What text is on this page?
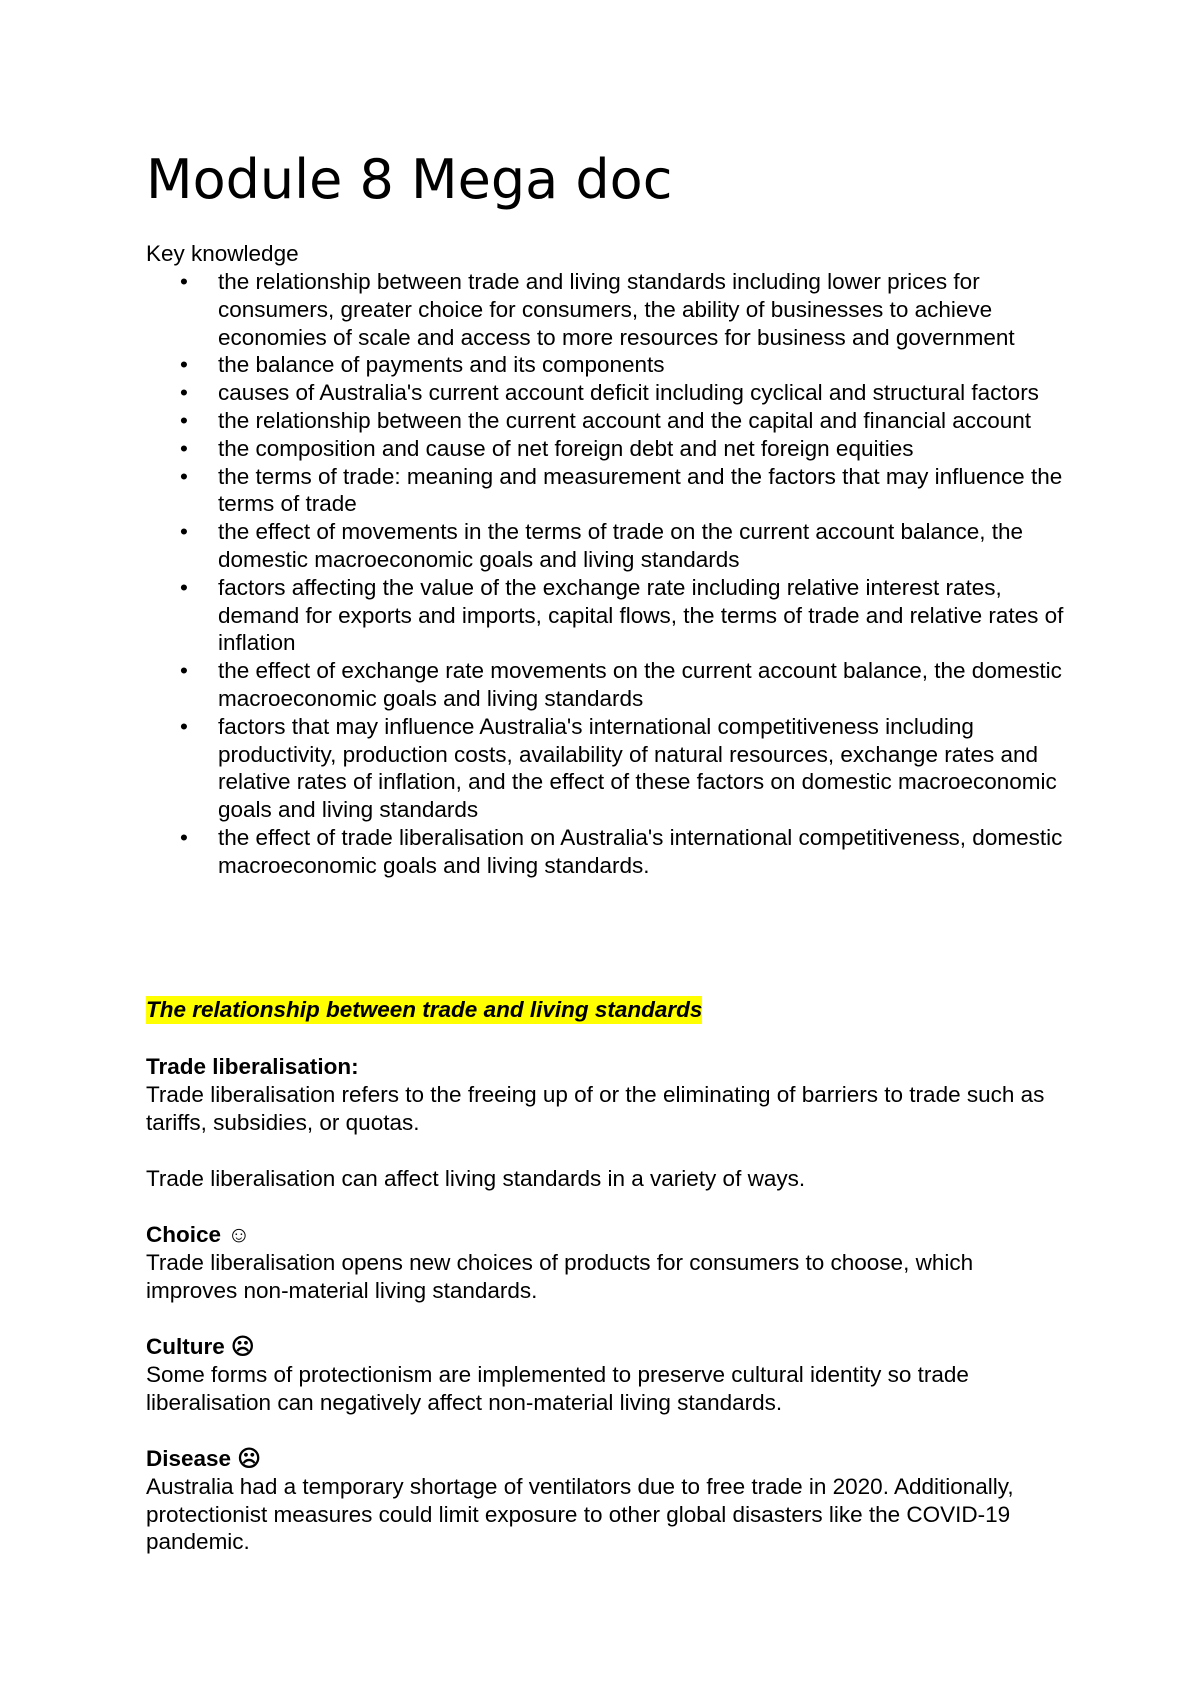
Module 8 Mega doc

Key knowledge

• the relationship between trade and living standards including lower prices for consumers, greater choice for consumers, the ability of businesses to achieve economies of scale and access to more resources for business and government
• the balance of payments and its components
• causes of Australia's current account deficit including cyclical and structural factors
• the relationship between the current account and the capital and financial account
• the composition and cause of net foreign debt and net foreign equities
• the terms of trade: meaning and measurement and the factors that may influence the terms of trade
• the effect of movements in the terms of trade on the current account balance, the domestic macroeconomic goals and living standards
• factors affecting the value of the exchange rate including relative interest rates, demand for exports and imports, capital flows, the terms of trade and relative rates of inflation
• the effect of exchange rate movements on the current account balance, the domestic macroeconomic goals and living standards
• factors that may influence Australia's international competitiveness including productivity, production costs, availability of natural resources, exchange rates and relative rates of inflation, and the effect of these factors on domestic macroeconomic goals and living standards
• the effect of trade liberalisation on Australia's international competitiveness, domestic macroeconomic goals and living standards.

The relationship between trade and living standards

Trade liberalisation:

Trade liberalisation refers to the freeing up of or the eliminating of barriers to trade such as tariffs, subsidies, or quotas.

Trade liberalisation can affect living standards in a variety of ways.

Choice ☺

Trade liberalisation opens new choices of products for consumers to choose, which improves non-material living standards.

Culture ☹

Some forms of protectionism are implemented to preserve cultural identity so trade liberalisation can negatively affect non-material living standards.

Disease ☹

Australia had a temporary shortage of ventilators due to free trade in 2020. Additionally, protectionist measures could limit exposure to other global disasters like the COVID-19 pandemic.
